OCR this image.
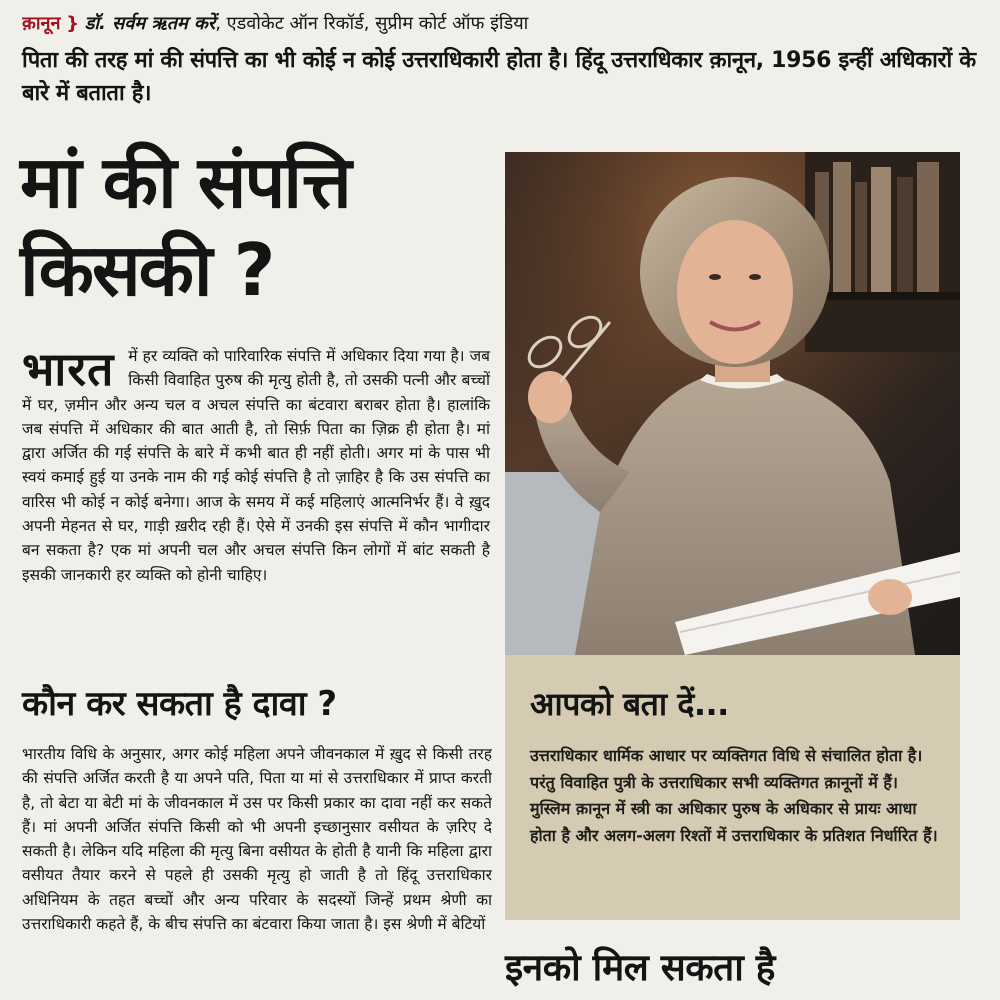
क़ानून } डॉ. सर्वम ऋतम करें, एडवोकेट ऑन रिकॉर्ड, सुप्रीम कोर्ट ऑफ इंडिया
पिता की तरह मां की संपत्ति का भी कोई न कोई उत्तराधिकारी होता है। हिंदू उत्तराधिकार क़ानून, 1956 इन्हीं अधिकारों के बारे में बताता है।
मां की संपत्ति
किसकी ?
भारत में हर व्यक्ति को पारिवारिक संपत्ति में अधिकार दिया गया है। जब किसी विवाहित पुरुष की मृत्यु होती है, तो उसकी पत्नी और बच्चों में घर, ज़मीन और अन्य चल व अचल संपत्ति का बंटवारा बराबर होता है। हालांकि जब संपत्ति में अधिकार की बात आती है, तो सिर्फ़ पिता का ज़िक्र ही होता है। मां द्वारा अर्जित की गई संपत्ति के बारे में कभी बात ही नहीं होती। अगर मां के पास भी स्वयं कमाई हुई या उनके नाम की गई कोई संपत्ति है तो ज़ाहिर है कि उस संपत्ति का वारिस भी कोई न कोई बनेगा। आज के समय में कई महिलाएं आत्मनिर्भर हैं। वे ख़ुद अपनी मेहनत से घर, गाड़ी ख़रीद रही हैं। ऐसे में उनकी इस संपत्ति में कौन भागीदार बन सकता है? एक मां अपनी चल और अचल संपत्ति किन लोगों में बांट सकती है इसकी जानकारी हर व्यक्ति को होनी चाहिए।
कौन कर सकता है दावा ?
भारतीय विधि के अनुसार, अगर कोई महिला अपने जीवनकाल में ख़ुद से किसी तरह की संपत्ति अर्जित करती है या अपने पति, पिता या मां से उत्तराधिकार में प्राप्त करती है, तो बेटा या बेटी मां के जीवनकाल में उस पर किसी प्रकार का दावा नहीं कर सकते हैं। मां अपनी अर्जित संपत्ति किसी को भी अपनी इच्छानुसार वसीयत के ज़रिए दे सकती है। लेकिन यदि महिला की मृत्यु बिना वसीयत के होती है यानी कि महिला द्वारा वसीयत तैयार करने से पहले ही उसकी मृत्यु हो जाती है तो हिंदू उत्तराधिकार अधिनियम के तहत बच्चों और अन्य परिवार के सदस्यों जिन्हें प्रथम श्रेणी का उत्तराधिकारी कहते हैं, के बीच संपत्ति का बंटवारा किया जाता है। इस श्रेणी में बेटियों
आपको बता दें...
उत्तराधिकार धार्मिक आधार पर व्यक्तिगत विधि से संचालित होता है। परंतु विवाहित पुत्री के उत्तराधिकार सभी व्यक्तिगत क़ानूनों में हैं। मुस्लिम क़ानून में स्त्री का अधिकार पुरुष के अधिकार से प्रायः आधा होता है और अलग-अलग रिश्तों में उत्तराधिकार के प्रतिशत निर्धारित हैं।
इनको मिल सकता है
